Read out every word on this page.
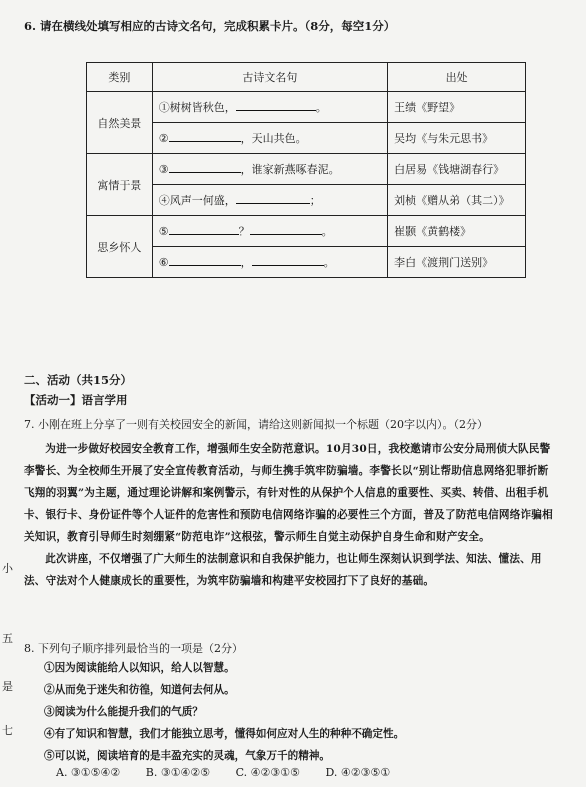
6. 请在横线处填写相应的古诗文名句，完成积累卡片。（8分，每空1分）
类别	古诗文名句	出处
自然美景	①树树皆秋色， 。	王绩《野望》
	② ，天山共色。	吴均《与朱元思书》
寓情于景	③ ，谁家新燕啄春泥。	白居易《钱塘湖春行》
	④风声一何盛， ；	刘桢《赠从弟（其二）》
思乡怀人	⑤ ？ 。	崔颢《黄鹤楼》
	⑥ ， 。	李白《渡荆门送别》
二、活动（共15分）
【活动一】语言学用
7. 小刚在班上分享了一则有关校园安全的新闻，请给这则新闻拟一个标题（20字以内）。（2分）

为进一步做好校园安全教育工作，增强师生安全防范意识。10月30日，我校邀请市公安分局刑侦大队民警李警长、为全校师生开展了安全宣传教育活动，与师生携手筑牢防骗墙。李警长以“别让帮助信息网络犯罪折断飞翔的羽翼”为主题，通过理论讲解和案例警示，有针对性的从保护个人信息的重要性、买卖、转借、出租手机卡、银行卡、身份证件等个人证件的危害性和预防电信网络诈骗的必要性三个方面，普及了防范电信网络诈骗相关知识，教育引导师生时刻绷紧“防范电诈”这根弦，警示师生自觉主动保护自身生命和财产安全。

此次讲座，不仅增强了广大师生的法制意识和自我保护能力，也让师生深刻认识到学法、知法、懂法、用法、守法对个人健康成长的重要性，为筑牢防骗墙和构建平安校园打下了良好的基础。

8. 下列句子顺序排列最恰当的一项是（2分）
①因为阅读能给人以知识，给人以智慧。
②从而免于迷失和彷徨，知道何去何从。
③阅读为什么能提升我们的气质？
④有了知识和智慧，我们才能独立思考，懂得如何应对人生的种种不确定性。
⑤可以说，阅读培育的是丰盈充实的灵魂，气象万千的精神。
A. ③①⑤④② B. ③①④②⑤ C. ④②③①⑤ D. ④②③⑤①
小
五
是
七
